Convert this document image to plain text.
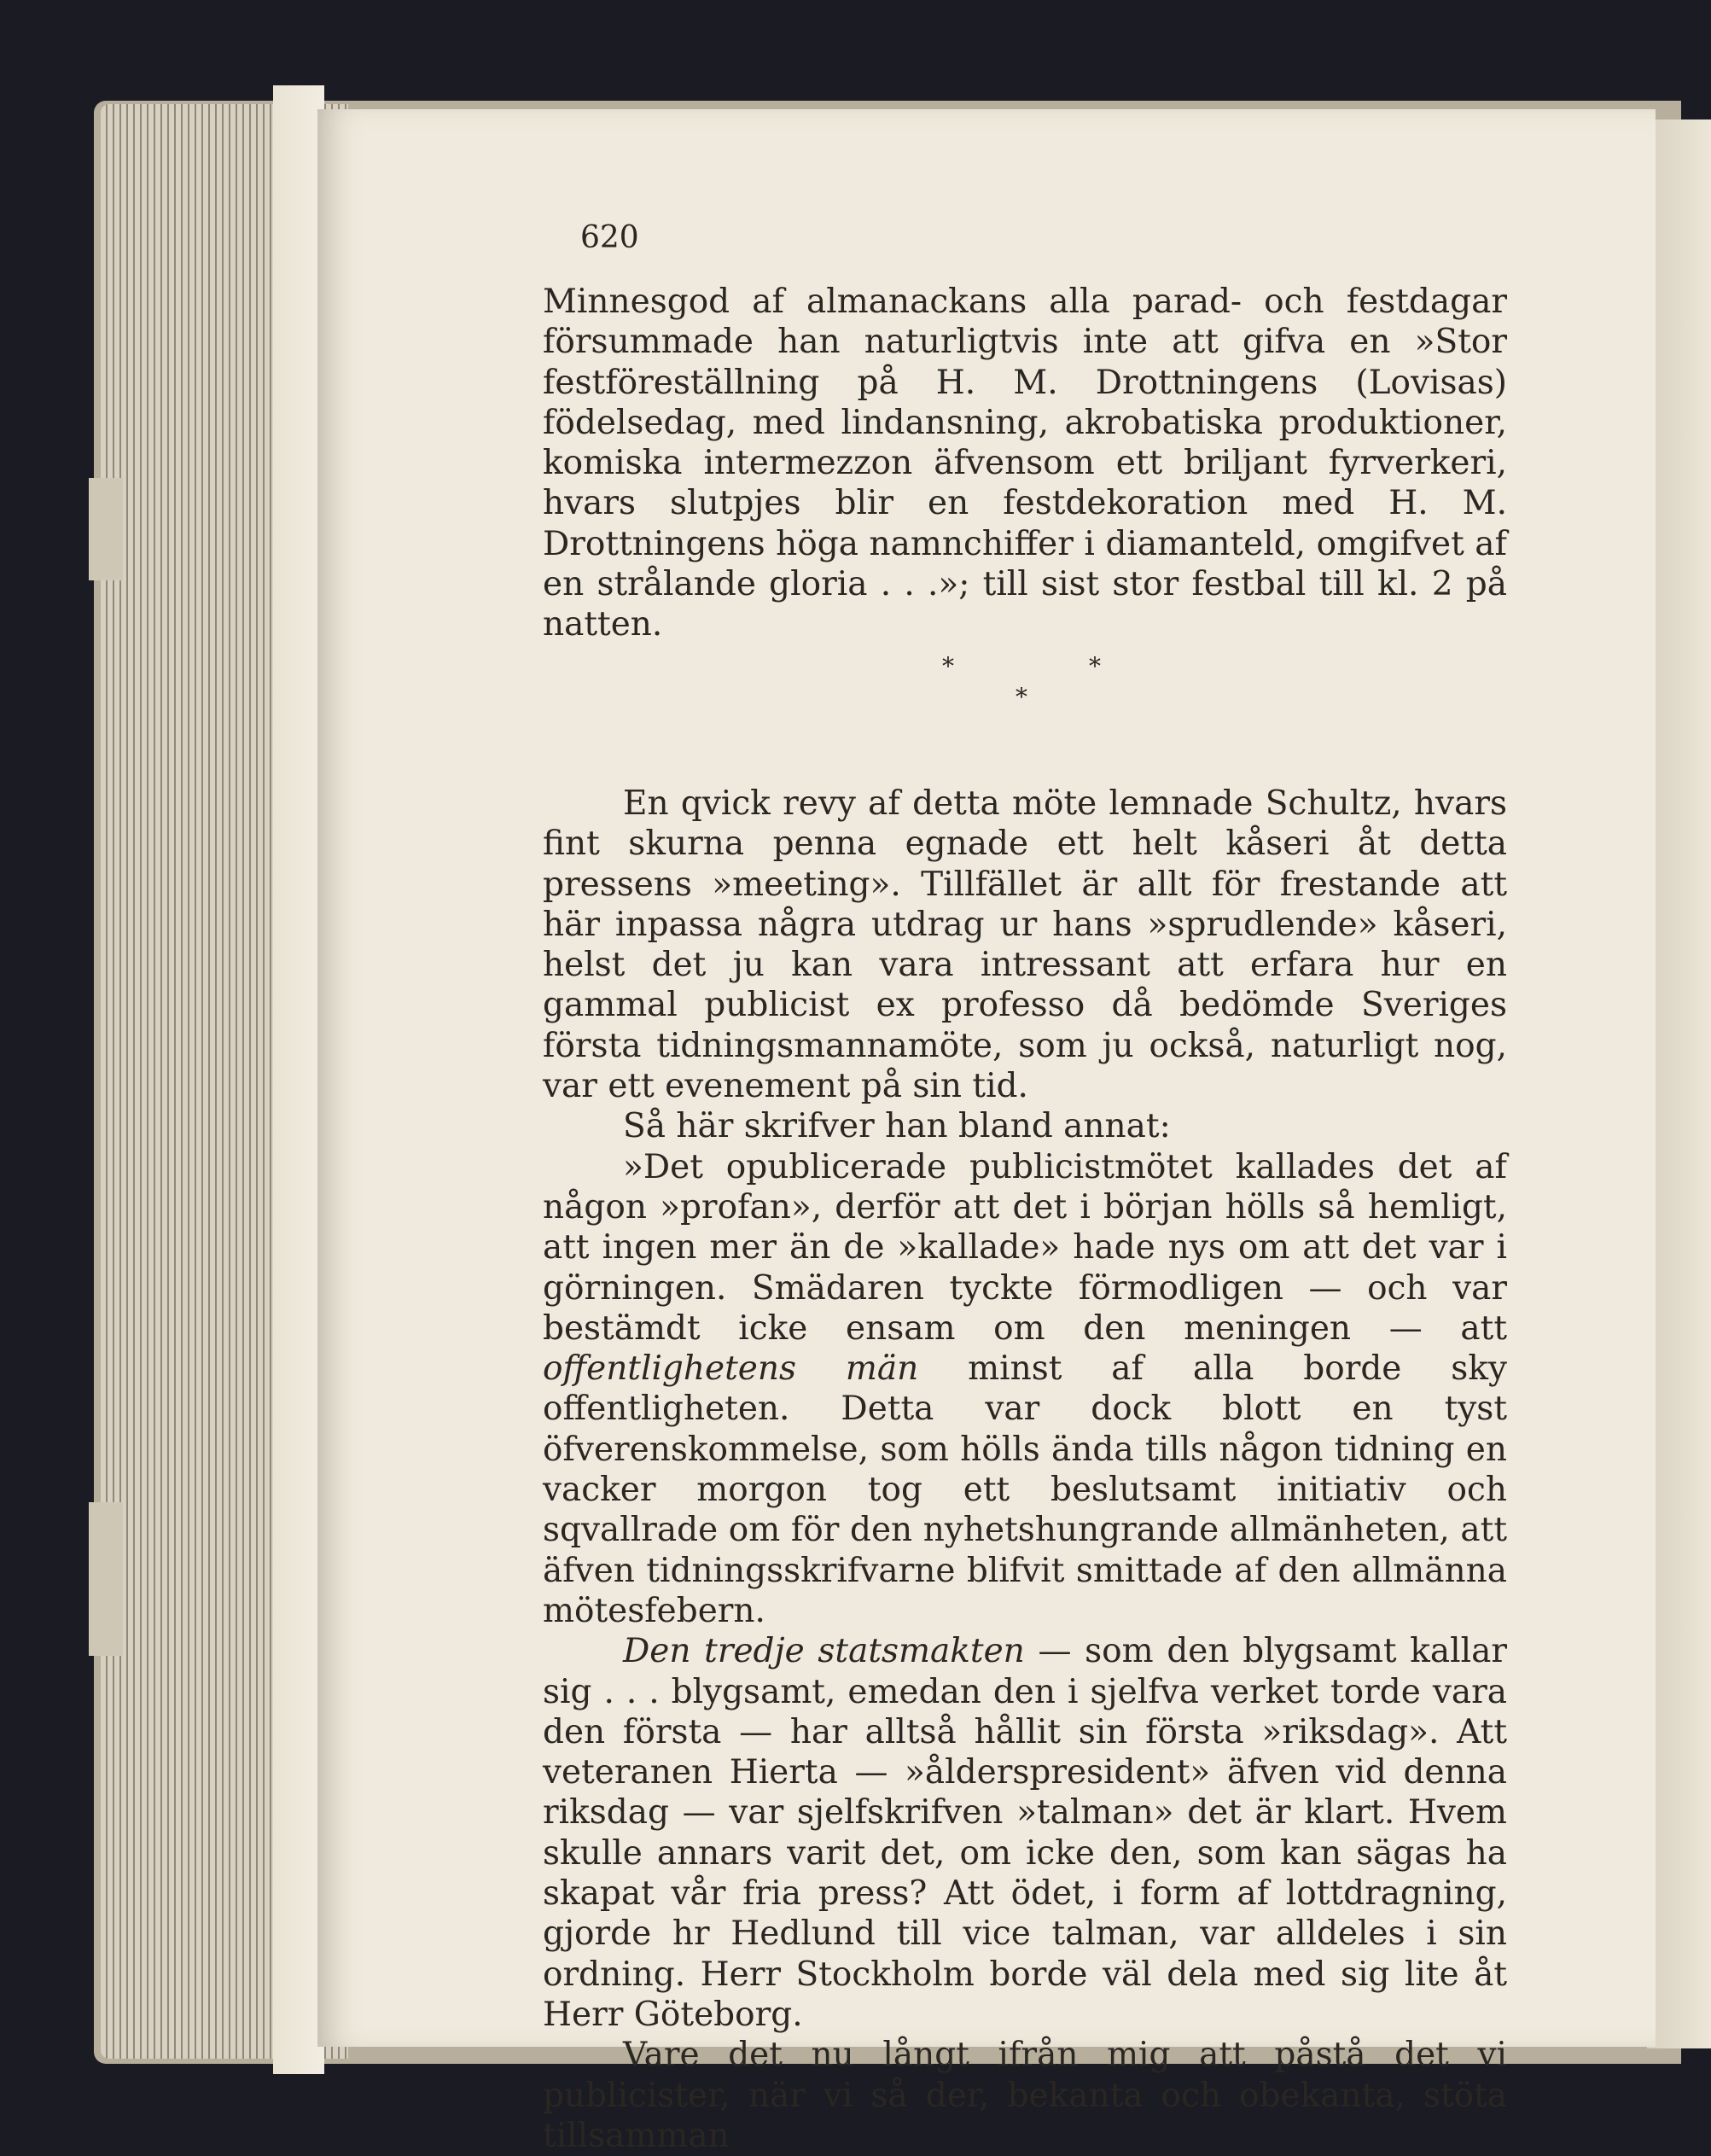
620

Minnesgod af almanackans alla parad- och festdagar försummade han naturligtvis inte att gifva en »Stor festföreställning på H. M. Drottningens (Lovisas) födelsedag, med lindansning, akrobatiska produktioner, komiska intermezzon äfvensom ett briljant fyrverkeri, hvars slutpjes blir en festdekoration med H. M. Drottningens höga namnchiffer i diamanteld, omgifvet af en strålande gloria . . .»; till sist stor festbal till kl. 2 på natten.

*	*
*

En qvick revy af detta möte lemnade Schultz, hvars fint skurna penna egnade ett helt kåseri åt detta pressens »meeting». Tillfället är allt för frestande att här inpassa några utdrag ur hans »sprudlende» kåseri, helst det ju kan vara intressant att erfara hur en gammal publicist ex professo då bedömde Sveriges första tidningsmannamöte, som ju också, naturligt nog, var ett evenement på sin tid.

Så här skrifver han bland annat:

»Det opublicerade publicistmötet kallades det af någon »profan», derför att det i början hölls så hemligt, att ingen mer än de »kallade» hade nys om att det var i görningen. Smädaren tyckte förmodligen — och var bestämdt icke ensam om den meningen — att offentlighetens män minst af alla borde sky offentligheten. Detta var dock blott en tyst öfverenskommelse, som hölls ända tills någon tidning en vacker morgon tog ett beslutsamt initiativ och sqvallrade om för den nyhetshungrande allmänheten, att äfven tidningsskrifvarne blifvit smittade af den allmänna mötesfebern.

Den tredje statsmakten — som den blygsamt kallar sig . . . blygsamt, emedan den i sjelfva verket torde vara den första — har alltså hållit sin första »riksdag». Att veteranen Hierta — »ålderspresident» äfven vid denna riksdag — var sjelfskrifven »talman» det är klart. Hvem skulle annars varit det, om icke den, som kan sägas ha skapat vår fria press? Att ödet, i form af lottdragning, gjorde hr Hedlund till vice talman, var alldeles i sin ordning. Herr Stockholm borde väl dela med sig lite åt Herr Göteborg.

Vare det nu långt ifrån mig att påstå det vi publicister, när vi så der, bekanta och obekanta, stöta tillsamman
